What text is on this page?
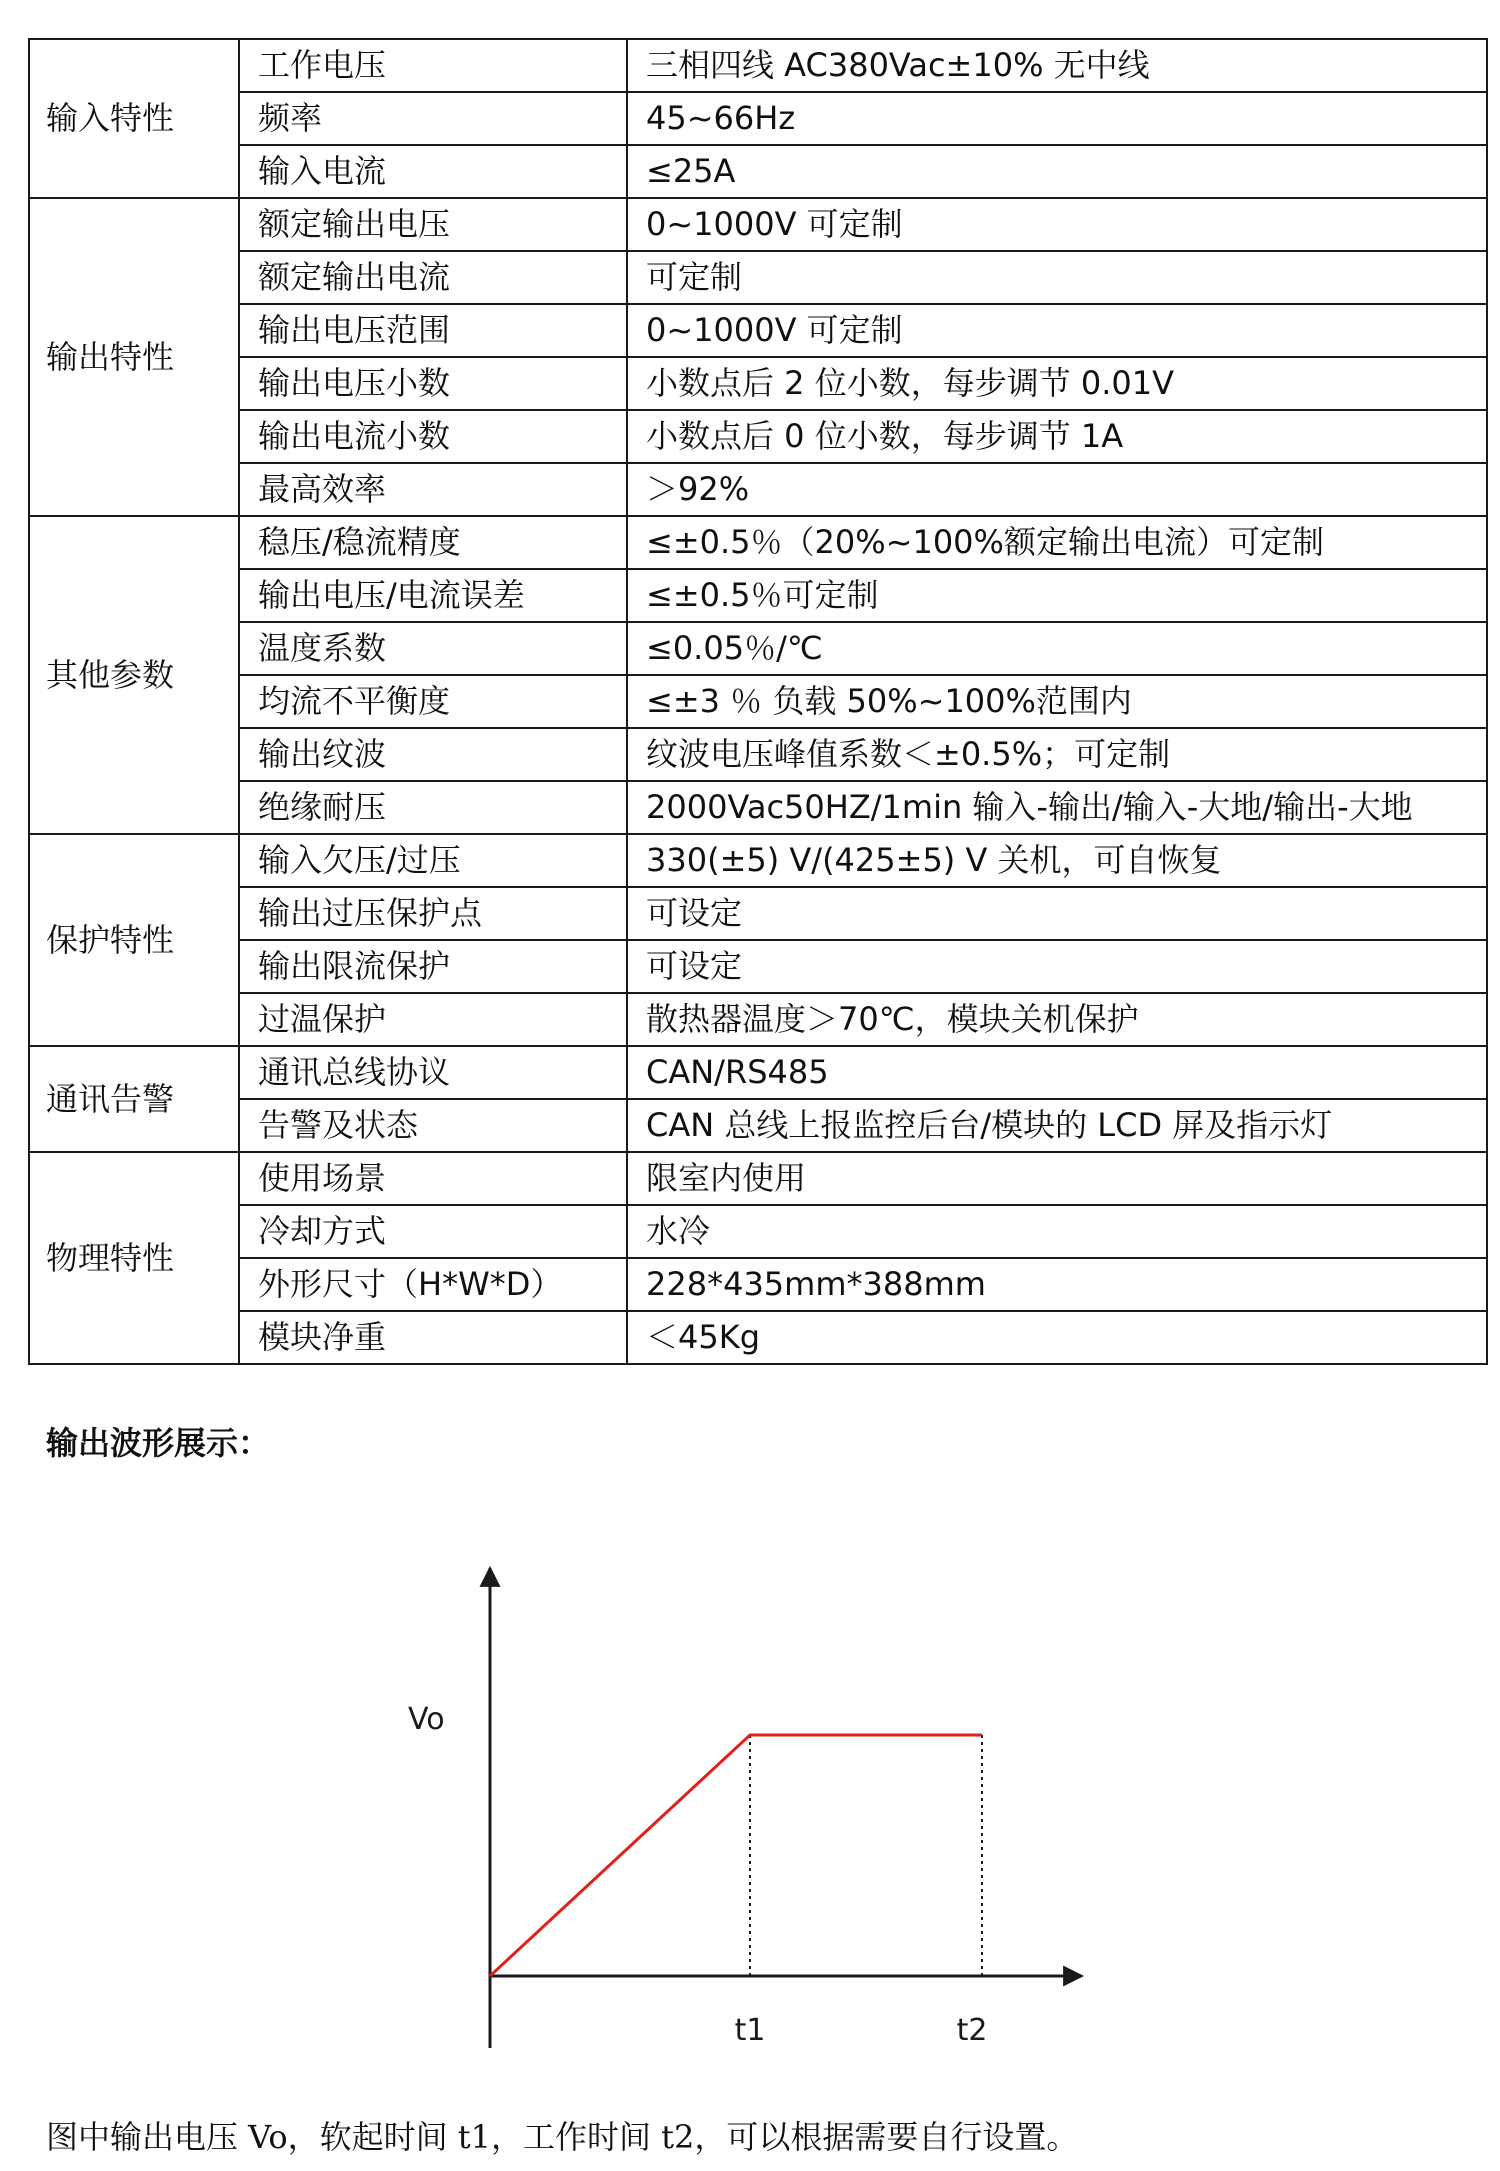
输入特性	工作电压	三相四线 AC380Vac±10% 无中线
	频率	45~66Hz
	输入电流	≤25A
输出特性	额定输出电压	0~1000V 可定制
	额定输出电流	可定制
	输出电压范围	0~1000V 可定制
	输出电压小数	小数点后 2 位小数，每步调节 0.01V
	输出电流小数	小数点后 0 位小数，每步调节 1A
	最高效率	＞92%
其他参数	稳压/稳流精度	≤±0.5％（20%~100%额定输出电流）可定制
	输出电压/电流误差	≤±0.5％可定制
	温度系数	≤0.05％/℃
	均流不平衡度	≤±3 ％ 负载 50%~100%范围内
	输出纹波	纹波电压峰值系数＜±0.5%；可定制
	绝缘耐压	2000Vac50HZ/1min 输入-输出/输入-大地/输出-大地
保护特性	输入欠压/过压	330(±5) V/(425±5) V 关机，可自恢复
	输出过压保护点	可设定
	输出限流保护	可设定
	过温保护	散热器温度＞70℃，模块关机保护
通讯告警	通讯总线协议	CAN/RS485
	告警及状态	CAN 总线上报监控后台/模块的 LCD 屏及指示灯
物理特性	使用场景	限室内使用
	冷却方式	水冷
	外形尺寸（H*W*D）	228*435mm*388mm
	模块净重	＜45Kg
输出波形展示：
Vo
t1	t2
图中输出电压 Vo，软起时间 t1，工作时间 t2，可以根据需要自行设置。
